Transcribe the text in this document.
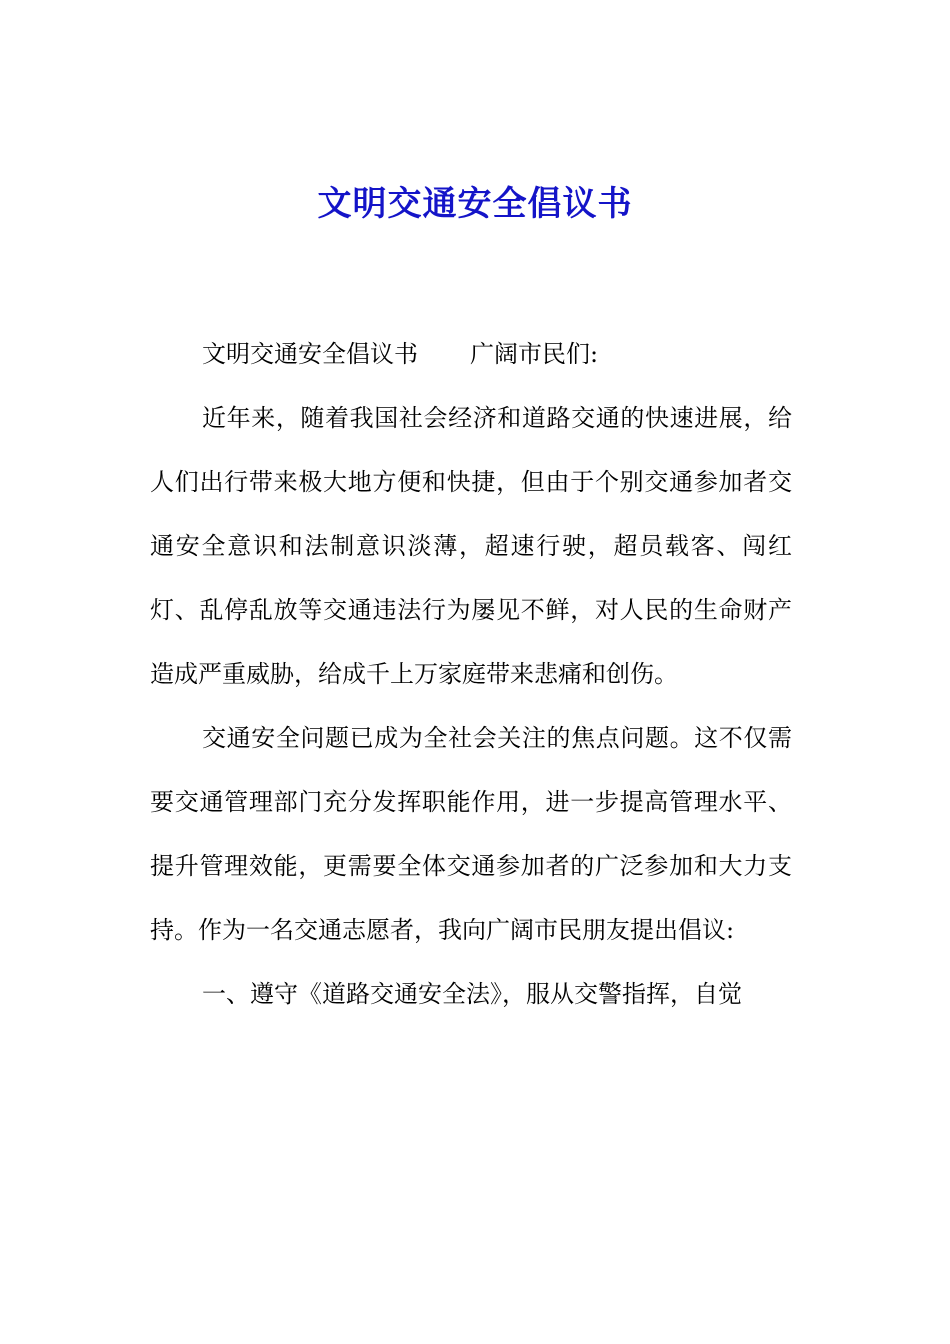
文明交通安全倡议书

文明交通安全倡议书 广阔市民们:

近年来，随着我国社会经济和道路交通的快速进展，给人们出行带来极大地方便和快捷，但由于个别交通参加者交通安全意识和法制意识淡薄，超速行驶，超员载客、闯红灯、乱停乱放等交通违法行为屡见不鲜，对人民的生命财产造成严重威胁，给成千上万家庭带来悲痛和创伤。

交通安全问题已成为全社会关注的焦点问题。这不仅需要交通管理部门充分发挥职能作用，进一步提高管理水平、提升管理效能，更需要全体交通参加者的广泛参加和大力支持。作为一名交通志愿者，我向广阔市民朋友提出倡议:

一、遵守《道路交通安全法》，服从交警指挥，自觉
